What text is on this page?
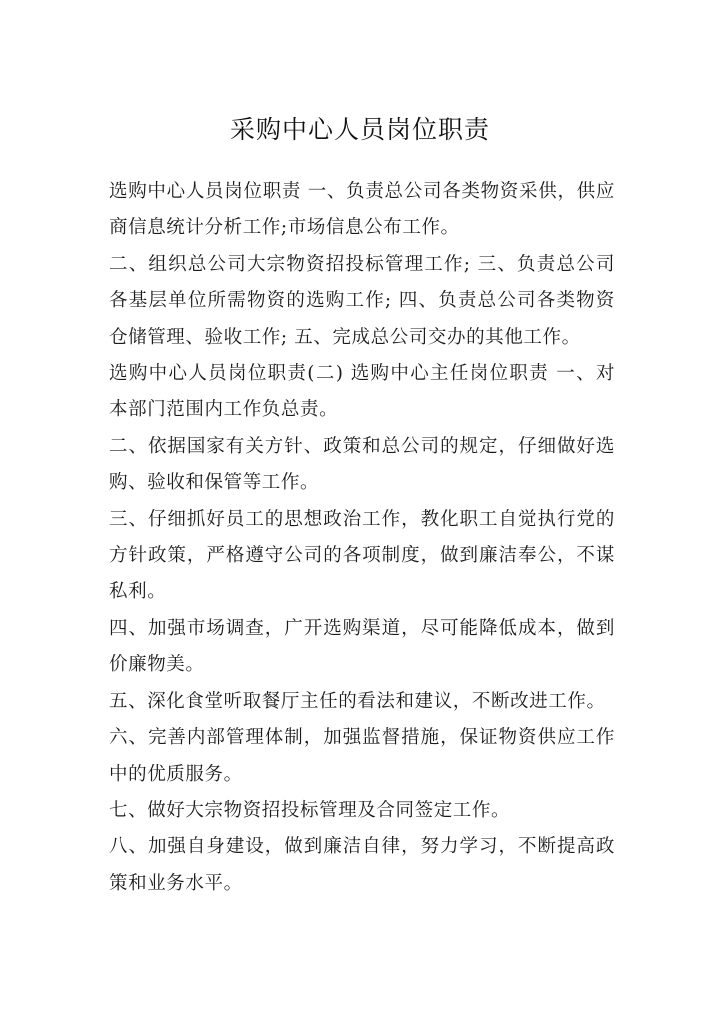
采购中心人员岗位职责

选购中心人员岗位职责 一、负责总公司各类物资采供，供应商信息统计分析工作;市场信息公布工作。

二、组织总公司大宗物资招投标管理工作; 三、负责总公司各基层单位所需物资的选购工作; 四、负责总公司各类物资仓储管理、验收工作; 五、完成总公司交办的其他工作。

选购中心人员岗位职责(二) 选购中心主任岗位职责 一、对本部门范围内工作负总责。

二、依据国家有关方针、政策和总公司的规定，仔细做好选购、验收和保管等工作。

三、仔细抓好员工的思想政治工作，教化职工自觉执行党的方针政策，严格遵守公司的各项制度，做到廉洁奉公，不谋私利。

四、加强市场调查，广开选购渠道，尽可能降低成本，做到价廉物美。

五、深化食堂听取餐厅主任的看法和建议，不断改进工作。

六、完善内部管理体制，加强监督措施，保证物资供应工作中的优质服务。

七、做好大宗物资招投标管理及合同签定工作。

八、加强自身建设，做到廉洁自律，努力学习，不断提高政策和业务水平。
